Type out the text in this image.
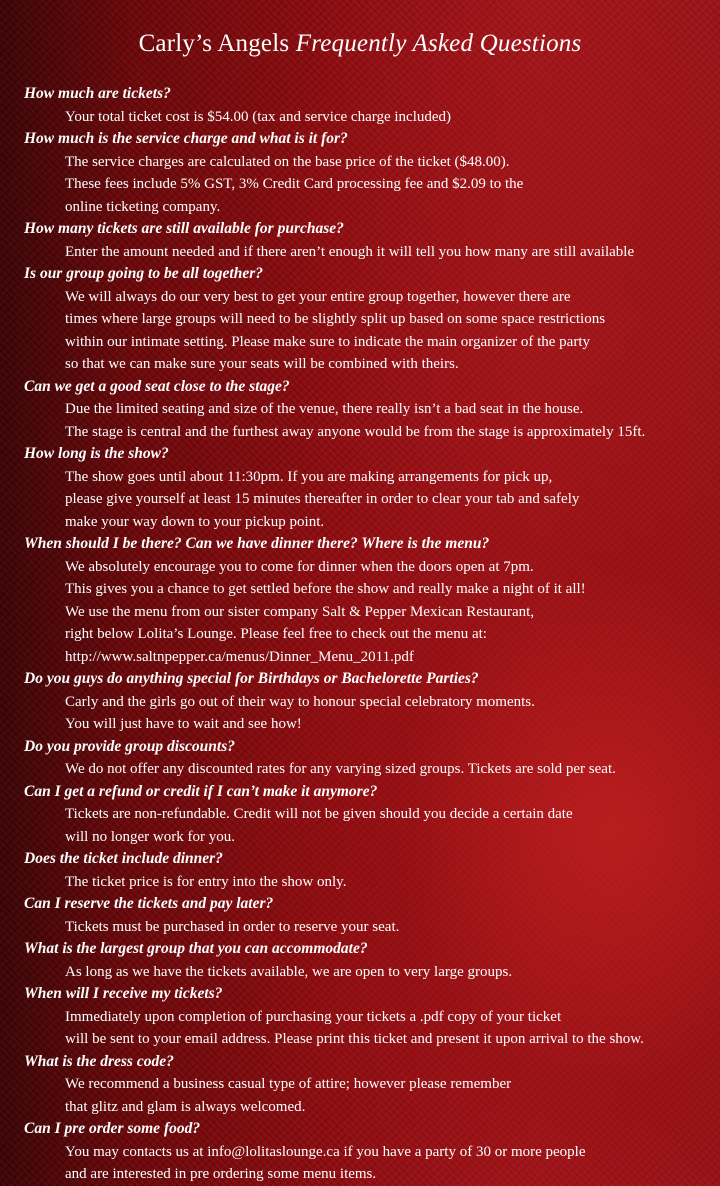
Carly’s Angels Frequently Asked Questions
How much are tickets?
Your total ticket cost is $54.00 (tax and service charge included)
How much is the service charge and what is it for?
The service charges are calculated on the base price of the ticket ($48.00).
These fees include 5% GST, 3% Credit Card processing fee and $2.09 to the
online ticketing company.
How many tickets are still available for purchase?
Enter the amount needed and if there aren’t enough it will tell you how many are still available
Is our group going to be all together?
We will always do our very best to get your entire group together, however there are
times where large groups will need to be slightly split up based on some space restrictions
within our intimate setting. Please make sure to indicate the main organizer of the party
so that we can make sure your seats will be combined with theirs.
Can we get a good seat close to the stage?
Due the limited seating and size of the venue, there really isn’t a bad seat in the house.
The stage is central and the furthest away anyone would be from the stage is approximately 15ft.
How long is the show?
The show goes until about 11:30pm. If you are making arrangements for pick up,
please give yourself at least 15 minutes thereafter in order to clear your tab and safely
make your way down to your pickup point.
When should I be there? Can we have dinner there? Where is the menu?
We absolutely encourage you to come for dinner when the doors open at 7pm.
This gives you a chance to get settled before the show and really make a night of it all!
We use the menu from our sister company Salt & Pepper Mexican Restaurant,
right below Lolita’s Lounge. Please feel free to check out the menu at:
http://www.saltnpepper.ca/menus/Dinner_Menu_2011.pdf
Do you guys do anything special for Birthdays or Bachelorette Parties?
Carly and the girls go out of their way to honour special celebratory moments.
You will just have to wait and see how!
Do you provide group discounts?
We do not offer any discounted rates for any varying sized groups. Tickets are sold per seat.
Can I get a refund or credit if I can’t make it anymore?
Tickets are non-refundable. Credit will not be given should you decide a certain date
will no longer work for you.
Does the ticket include dinner?
The ticket price is for entry into the show only.
Can I reserve the tickets and pay later?
Tickets must be purchased in order to reserve your seat.
What is the largest group that you can accommodate?
As long as we have the tickets available, we are open to very large groups.
When will I receive my tickets?
Immediately upon completion of purchasing your tickets a .pdf copy of your ticket
will be sent to your email address. Please print this ticket and present it upon arrival to the show.
What is the dress code?
We recommend a business casual type of attire; however please remember
that glitz and glam is always welcomed.
Can I pre order some food?
You may contacts us at info@lolitaslounge.ca if you have a party of 30 or more people
and are interested in pre ordering some menu items.
